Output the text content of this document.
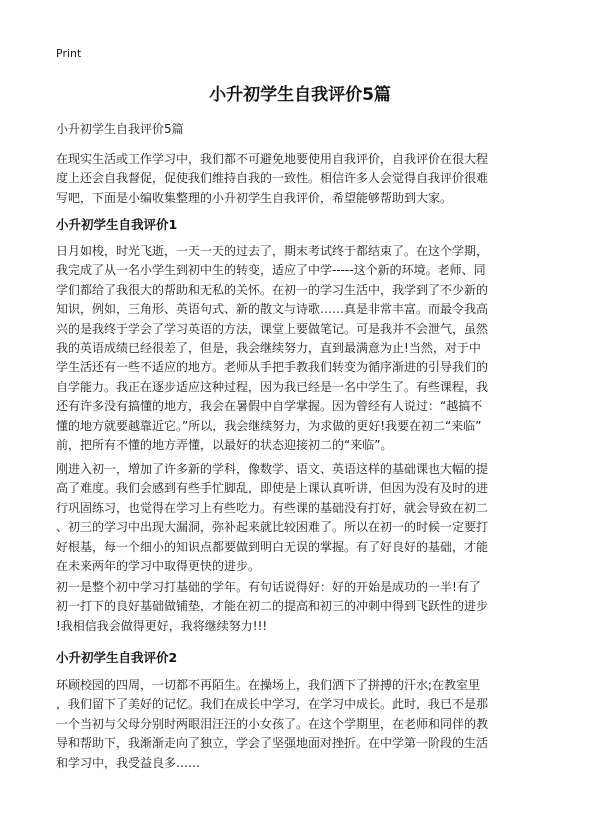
Print
小升初学生自我评价5篇
小升初学生自我评价5篇
在现实生活或工作学习中，我们都不可避免地要使用自我评价，自我评价在很大程
度上还会自我督促，促使我们维持自我的一致性。相信许多人会觉得自我评价很难
写吧，下面是小编收集整理的小升初学生自我评价，希望能够帮助到大家。
小升初学生自我评价1
日月如梭，时光飞逝，一天一天的过去了，期末考试终于都结束了。在这个学期，
我完成了从一名小学生到初中生的转变，适应了中学-----这个新的环境。老师、同
学们都给了我很大的帮助和无私的关怀。在初一的学习生活中，我学到了不少新的
知识，例如，三角形、英语句式、新的散文与诗歌……真是非常丰富。而最令我高
兴的是我终于学会了学习英语的方法，课堂上要做笔记。可是我并不会泄气，虽然
我的英语成绩已经很差了，但是，我会继续努力，直到最满意为止!当然，对于中
学生活还有一些不适应的地方。老师从手把手教我们转变为循序渐进的引导我们的
自学能力。我正在逐步适应这种过程，因为我已经是一名中学生了。有些课程，我
还有许多没有搞懂的地方，我会在暑假中自学掌握。因为曾经有人说过：“越搞不
懂的地方就要越靠近它。”所以，我会继续努力，为求做的更好!我要在初二“来临”
前，把所有不懂的地方弄懂，以最好的状态迎接初二的“来临”。
刚进入初一，增加了许多新的学科，像数学、语文、英语这样的基础课也大幅的提
高了难度。我们会感到有些手忙脚乱，即使是上课认真听讲，但因为没有及时的进
行巩固练习，也觉得在学习上有些吃力。有些课的基础没有打好，就会导致在初二
、初三的学习中出现大漏洞，弥补起来就比较困难了。所以在初一的时候一定要打
好根基，每一个细小的知识点都要做到明白无误的掌握。有了好良好的基础，才能
在未来两年的学习中取得更快的进步。
初一是整个初中学习打基础的学年。有句话说得好：好的开始是成功的一半!有了
初一打下的良好基础做铺垫，才能在初二的提高和初三的冲刺中得到飞跃性的进步
!我相信我会做得更好，我将继续努力!!!
小升初学生自我评价2
环顾校园的四周，一切都不再陌生。在操场上，我们洒下了拼搏的汗水;在教室里
，我们留下了美好的记忆。我们在成长中学习，在学习中成长。此时，我已不是那
一个当初与父母分别时两眼泪汪汪的小女孩了。在这个学期里，在老师和同伴的教
导和帮助下，我渐渐走向了独立，学会了坚强地面对挫折。在中学第一阶段的生活
和学习中，我受益良多……
